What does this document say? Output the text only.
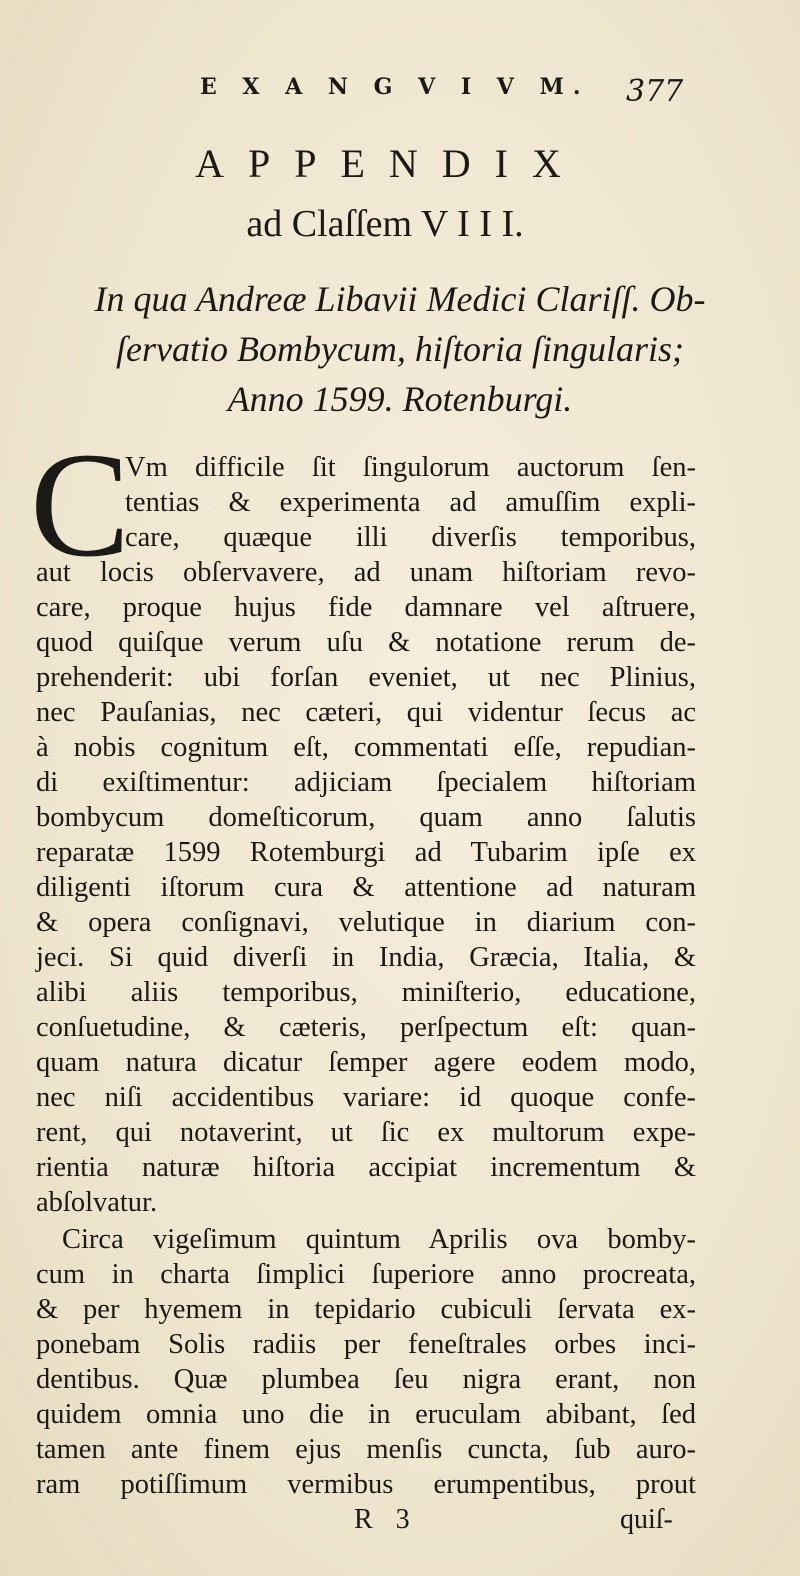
E X A N G V I V M. 377
APPENDIX
ad Claſſem V I I I.
In qua Andreæ Libavii Medici Clariſſ. Ob-
ſervatio Bombycum, hiſtoria ſingularis;
Anno 1599. Rotenburgi.
C
Vm difficile ſit ſingulorum auctorum ſen-
tentias & experimenta ad amuſſim expli-
care, quæque illi diverſis temporibus,
aut locis obſervavere, ad unam hiſtoriam revo-
care, proque hujus fide damnare vel aſtruere,
quod quiſque verum uſu & notatione rerum de-
prehenderit: ubi forſan eveniet, ut nec Plinius,
nec Pauſanias, nec cæteri, qui videntur ſecus ac
à nobis cognitum eſt, commentati eſſe, repudian-
di exiſtimentur: adjiciam ſpecialem hiſtoriam
bombycum domeſticorum, quam anno ſalutis
reparatæ 1599 Rotemburgi ad Tubarim ipſe ex
diligenti iſtorum cura & attentione ad naturam
& opera conſignavi, velutique in diarium con-
jeci. Si quid diverſi in India, Græcia, Italia, &
alibi aliis temporibus, miniſterio, educatione,
conſuetudine, & cæteris, perſpectum eſt: quan-
quam natura dicatur ſemper agere eodem modo,
nec niſi accidentibus variare: id quoque confe-
rent, qui notaverint, ut ſic ex multorum expe-
rientia naturæ hiſtoria accipiat incrementum &
abſolvatur.
Circa vigeſimum quintum Aprilis ova bomby-
cum in charta ſimplici ſuperiore anno procreata,
& per hyemem in tepidario cubiculi ſervata ex-
ponebam Solis radiis per feneſtrales orbes inci-
dentibus. Quæ plumbea ſeu nigra erant, non
quidem omnia uno die in eruculam abibant, ſed
tamen ante finem ejus menſis cuncta, ſub auro-
ram potiſſimum vermibus erumpentibus, prout
R 3	quiſ-
